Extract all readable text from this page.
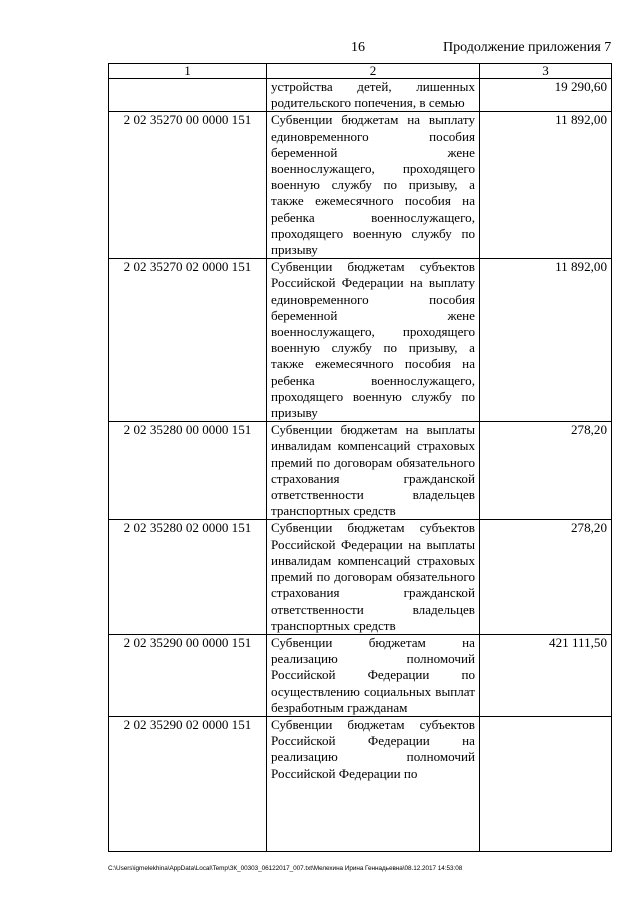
16	Продолжение приложения 7
1	2	3
	устройства детей, лишенных родительского попечения, в семью	19 290,60
2 02 35270 00 0000 151	Субвенции бюджетам на выплату единовременного пособия беременной жене военнослужащего, проходящего военную службу по призыву, а также ежемесячного пособия на ребенка военнослужащего, проходящего военную службу по призыву	11 892,00
2 02 35270 02 0000 151	Субвенции бюджетам субъектов Российской Федерации на выплату единовременного пособия беременной жене военнослужащего, проходящего военную службу по призыву, а также ежемесячного пособия на ребенка военнослужащего, проходящего военную службу по призыву	11 892,00
2 02 35280 00 0000 151	Субвенции бюджетам на выплаты инвалидам компенсаций страховых премий по договорам обязательного страхования гражданской ответственности владельцев транспортных средств	278,20
2 02 35280 02 0000 151	Субвенции бюджетам субъектов Российской Федерации на выплаты инвалидам компенсаций страховых премий по договорам обязательного страхования гражданской ответственности владельцев транспортных средств	278,20
2 02 35290 00 0000 151	Субвенции бюджетам на реализацию полномочий Российской Федерации по осуществлению социальных выплат безработным гражданам	421 111,50
2 02 35290 02 0000 151	Субвенции бюджетам субъектов Российской Федерации на реализацию полномочий Российской Федерации по	

C:\Users\igmelekhina\AppData\Local\Temp\ЗК_00303_06122017_007.txt\Мелехина Ирина Геннадьевна\08.12.2017 14:53:08
